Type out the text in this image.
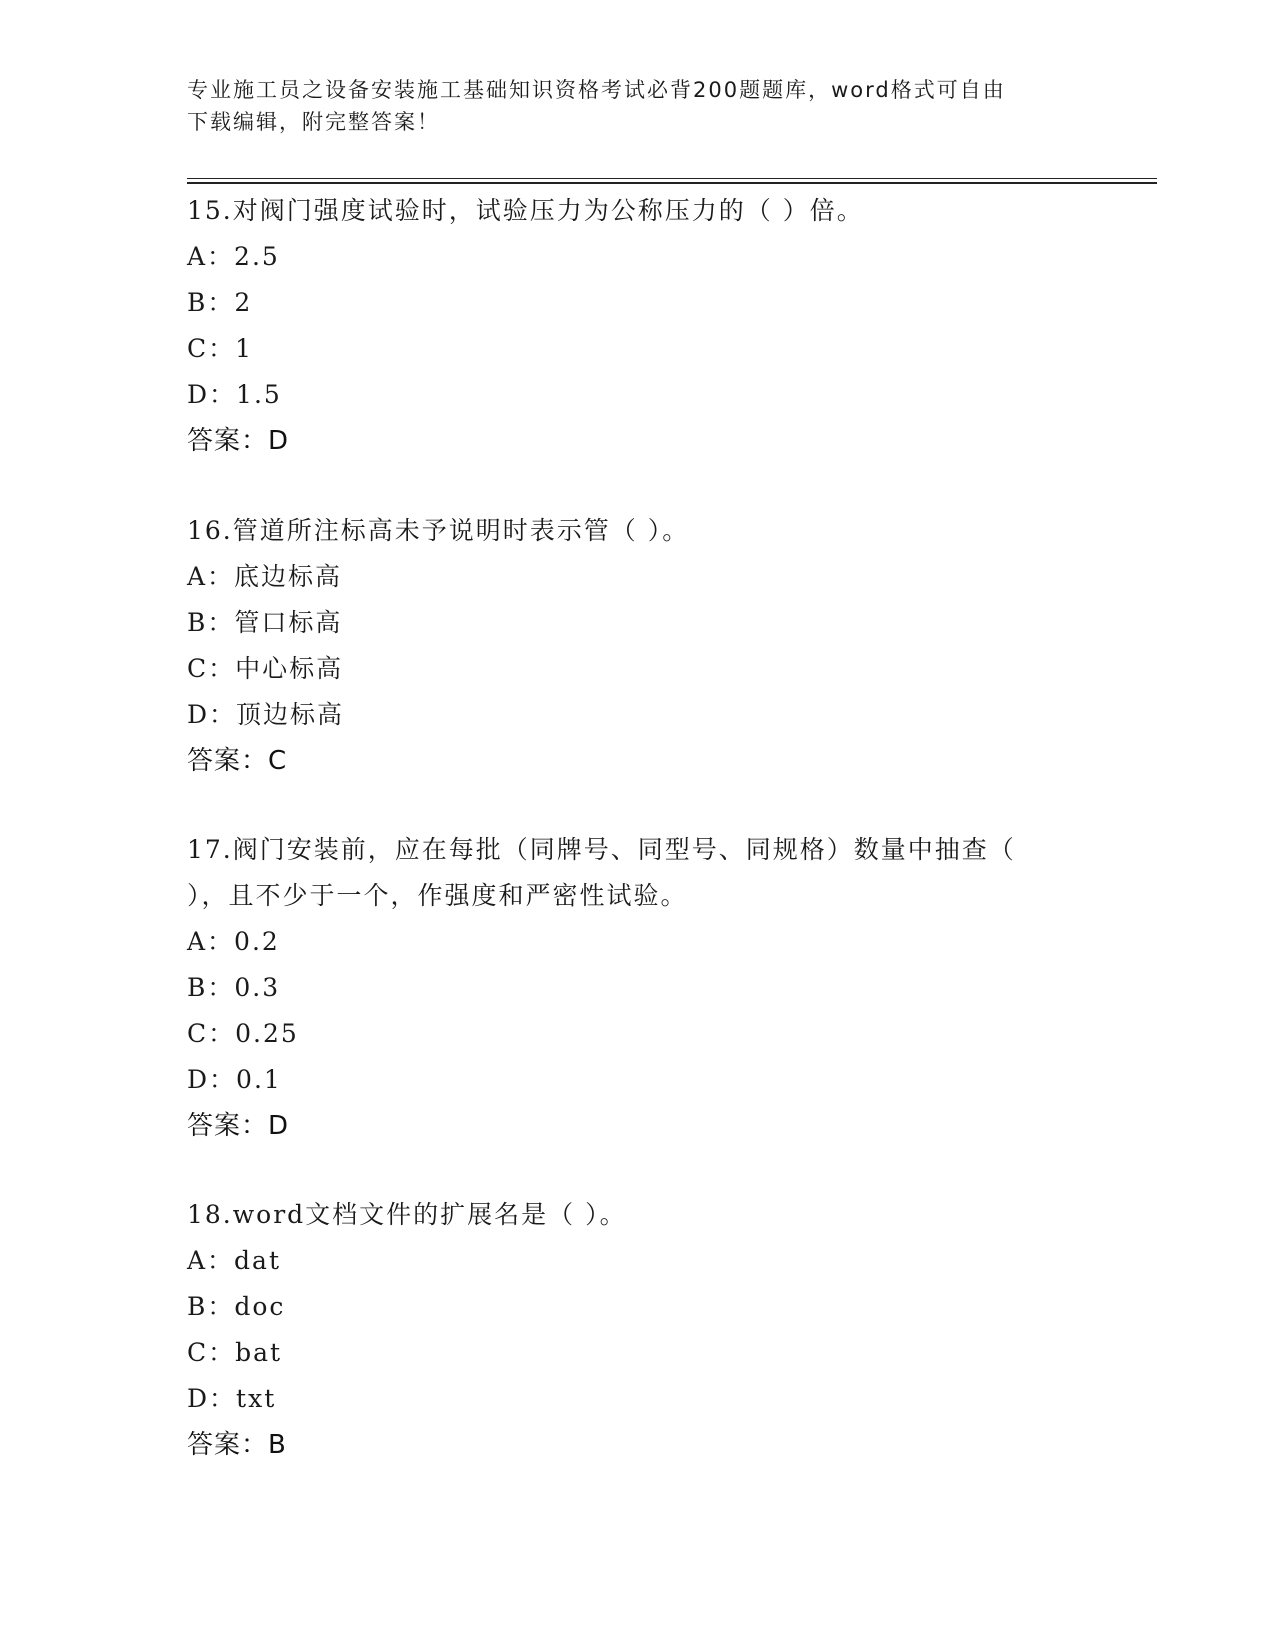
专业施工员之设备安装施工基础知识资格考试必背200题题库，word格式可自由
下载编辑，附完整答案！

15.对阀门强度试验时，试验压力为公称压力的（ ）倍。

A：2.5

B：2

C：1

D：1.5

答案：D

16.管道所注标高未予说明时表示管（ ）。

A：底边标高

B：管口标高

C：中心标高

D：顶边标高

答案：C

17.阀门安装前，应在每批（同牌号、同型号、同规格）数量中抽查（

），且不少于一个，作强度和严密性试验。

A：0.2

B：0.3

C：0.25

D：0.1

答案：D

18.word文档文件的扩展名是（ ）。

A：dat

B：doc

C：bat

D：txt

答案：B
